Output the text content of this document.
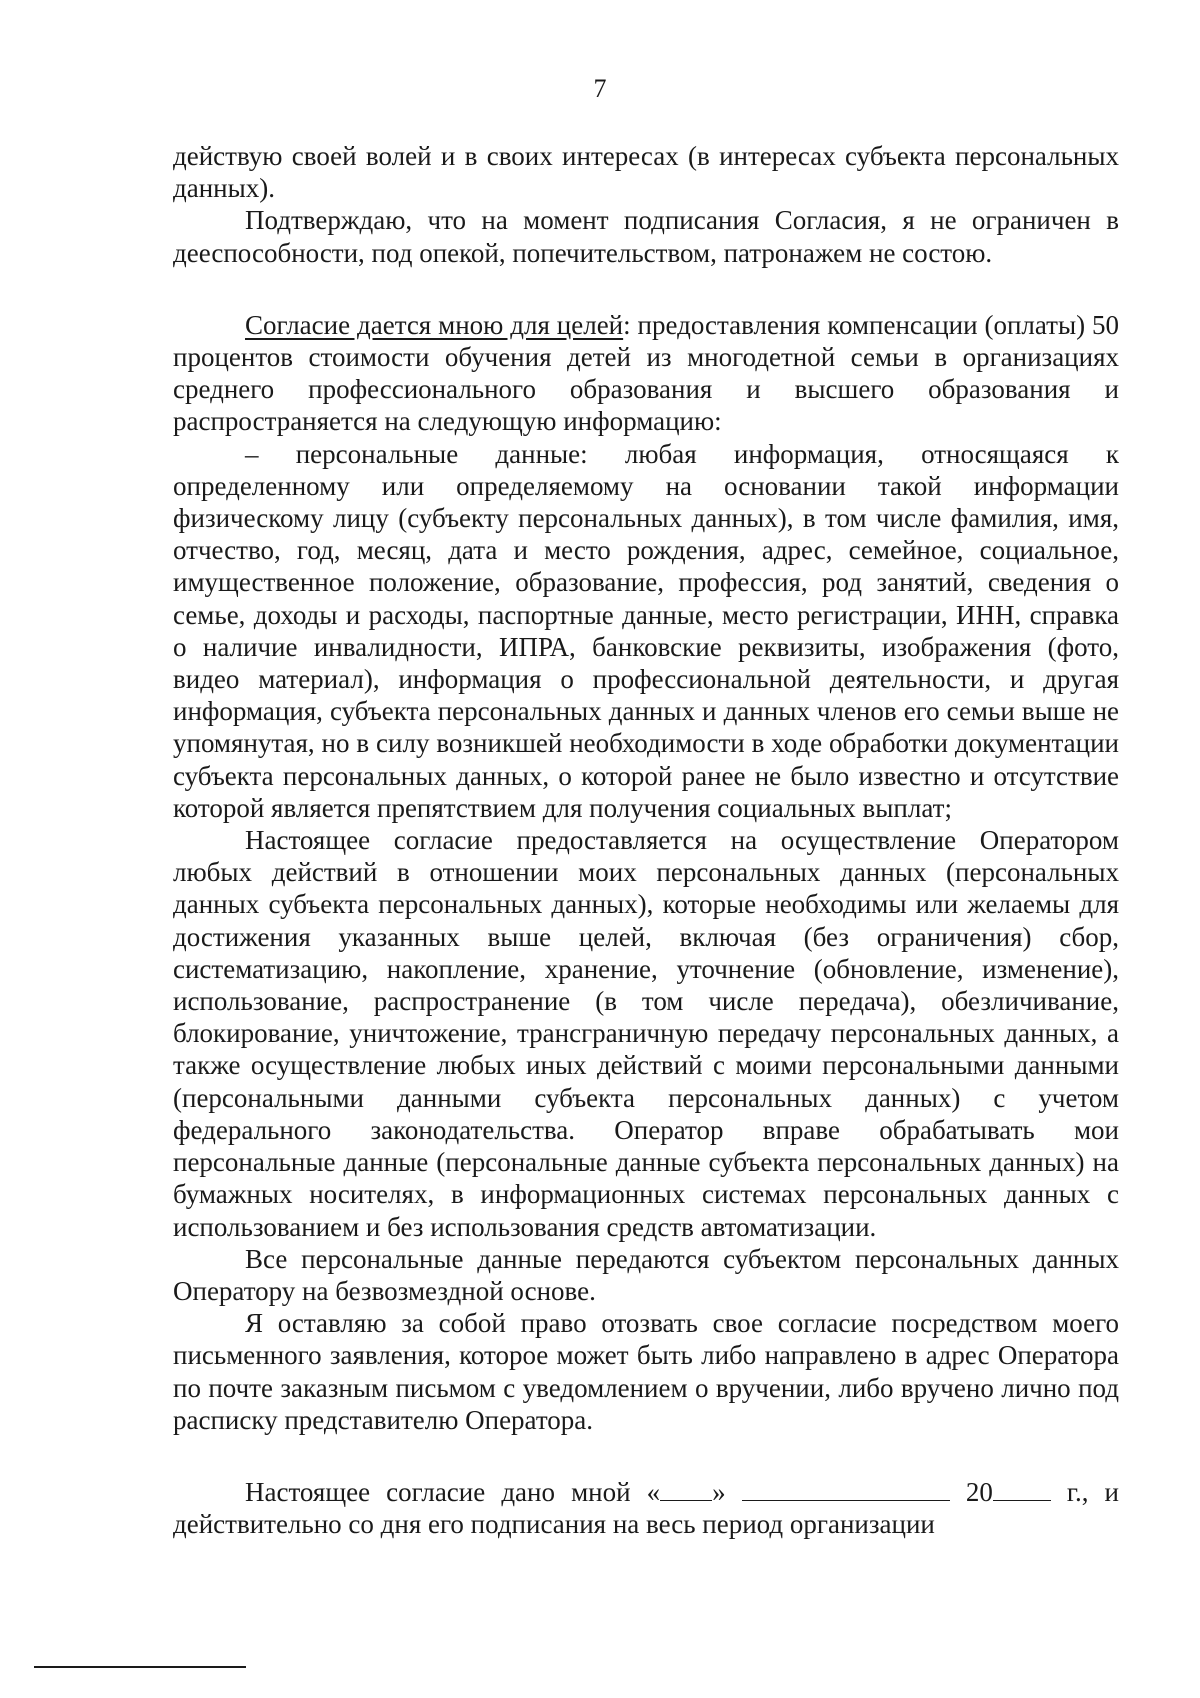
7

действую своей волей и в своих интересах (в интересах субъекта персональных данных).

Подтверждаю, что на момент подписания Согласия, я не ограничен в дееспособности, под опекой, попечительством, патронажем не состою.

Согласие дается мною для целей: предоставления компенсации (оплаты) 50 процентов стоимости обучения детей из многодетной семьи в организациях среднего профессионального образования и высшего образования и распространяется на следующую информацию:

– персональные данные: любая информация, относящаяся к определенному или определяемому на основании такой информации физическому лицу (субъекту персональных данных), в том числе фамилия, имя, отчество, год, месяц, дата и место рождения, адрес, семейное, социальное, имущественное положение, образование, профессия, род занятий, сведения о семье, доходы и расходы, паспортные данные, место регистрации, ИНН, справка о наличие инвалидности, ИПРА, банковские реквизиты, изображения (фото, видео материал), информация о профессиональной деятельности, и другая информация, субъекта персональных данных и данных членов его семьи выше не упомянутая, но в силу возникшей необходимости в ходе обработки документации субъекта персональных данных, о которой ранее не было известно и отсутствие которой является препятствием для получения социальных выплат;

Настоящее согласие предоставляется на осуществление Оператором любых действий в отношении моих персональных данных (персональных данных субъекта персональных данных), которые необходимы или желаемы для достижения указанных выше целей, включая (без ограничения) сбор, систематизацию, накопление, хранение, уточнение (обновление, изменение), использование, распространение (в том числе передача), обезличивание, блокирование, уничтожение, трансграничную передачу персональных данных, а также осуществление любых иных действий с моими персональными данными (персональными данными субъекта персональных данных) с учетом федерального законодательства. Оператор вправе обрабатывать мои персональные данные (персональные данные субъекта персональных данных) на бумажных носителях, в информационных системах персональных данных с использованием и без использования средств автоматизации.

Все персональные данные передаются субъектом персональных данных Оператору на безвозмездной основе.

Я оставляю за собой право отозвать свое согласие посредством моего письменного заявления, которое может быть либо направлено в адрес Оператора по почте заказным письмом с уведомлением о вручении, либо вручено лично под расписку представителю Оператора.

Настоящее согласие дано мной « »	20 г., и действительно со дня его подписания на весь период организации
